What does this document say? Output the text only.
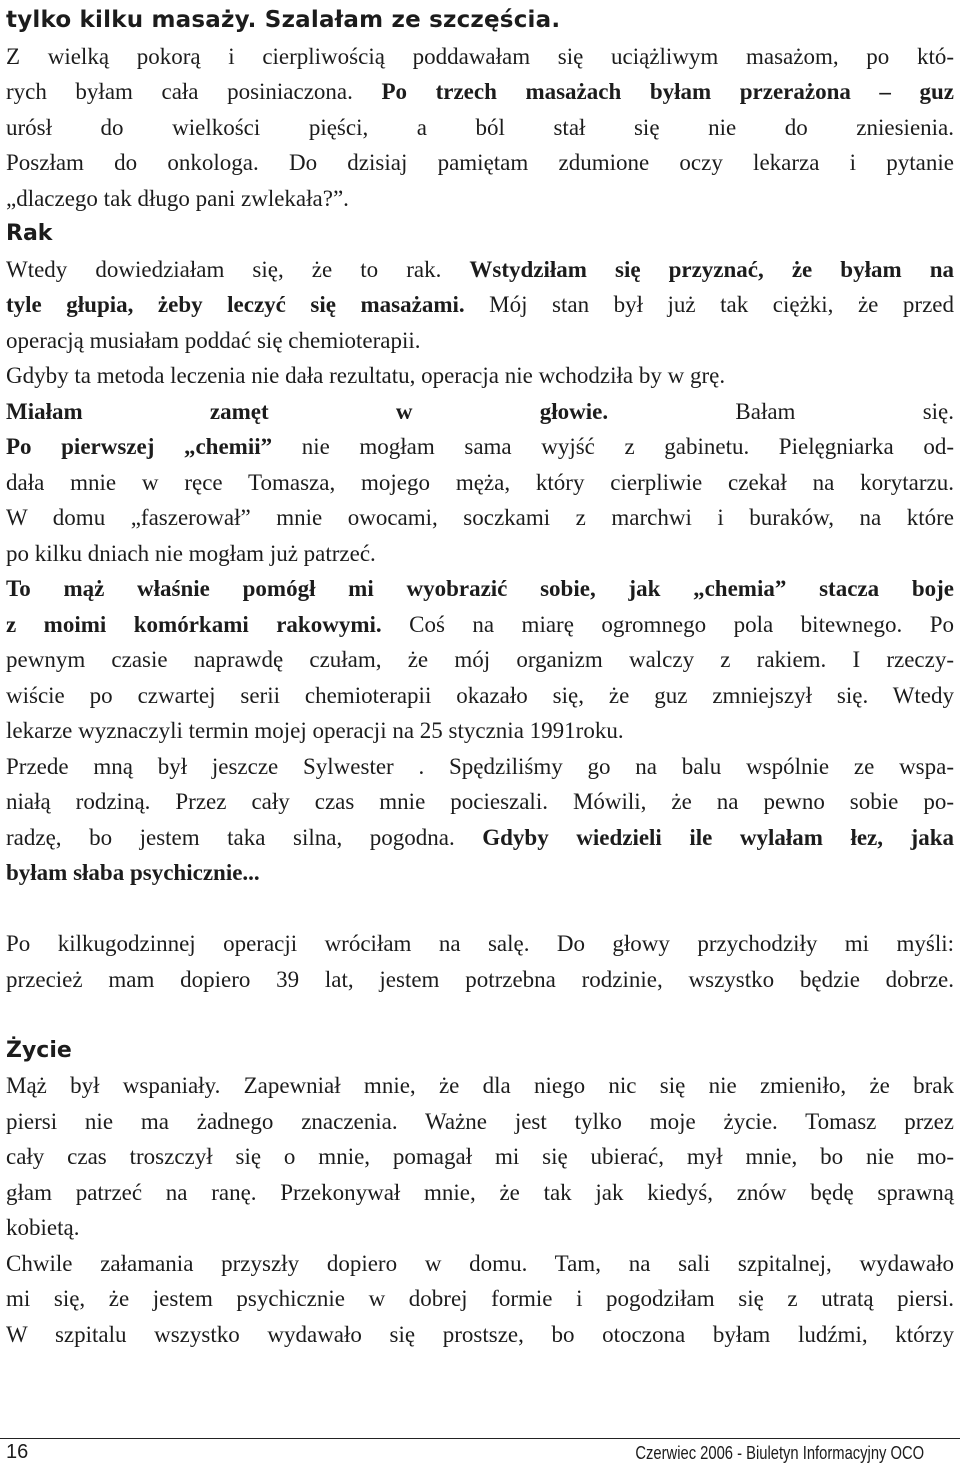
tylko kilku masaży. Szalałam ze szczęścia.
Z wielką pokorą i cierpliwością poddawałam się uciążliwym masażom, po któ-
rych byłam cała posiniaczona. Po trzech masażach byłam przerażona – guz
urósł do wielkości pięści, a ból stał się nie do zniesienia.
Poszłam do onkologa. Do dzisiaj pamiętam zdumione oczy lekarza i pytanie
„dlaczego tak długo pani zwlekała?”.
Rak
Wtedy dowiedziałam się, że to rak. Wstydziłam się przyznać, że byłam na
tyle głupia, żeby leczyć się masażami. Mój stan był już tak ciężki, że przed
operacją musiałam poddać się chemioterapii.
Gdyby ta metoda leczenia nie dała rezultatu, operacja nie wchodziła by w grę.
Miałam zamęt w głowie. Bałam się.
Po pierwszej „chemii” nie mogłam sama wyjść z gabinetu. Pielęgniarka od-
dała mnie w ręce Tomasza, mojego męża, który cierpliwie czekał na korytarzu.
W domu „faszerował” mnie owocami, soczkami z marchwi i buraków, na które
po kilku dniach nie mogłam już patrzeć.
To mąż właśnie pomógł mi wyobrazić sobie, jak „chemia” stacza boje
z moimi komórkami rakowymi. Coś na miarę ogromnego pola bitewnego. Po
pewnym czasie naprawdę czułam, że mój organizm walczy z rakiem. I rzeczy-
wiście po czwartej serii chemioterapii okazało się, że guz zmniejszył się. Wtedy
lekarze wyznaczyli termin mojej operacji na 25 stycznia 1991roku.
Przede mną był jeszcze Sylwester . Spędziliśmy go na balu wspólnie ze wspa-
niałą rodziną. Przez cały czas mnie pocieszali. Mówili, że na pewno sobie po-
radzę, bo jestem taka silna, pogodna. Gdyby wiedzieli ile wylałam łez, jaka
byłam słaba psychicznie...
Po kilkugodzinnej operacji wróciłam na salę. Do głowy przychodziły mi myśli:
przecież mam dopiero 39 lat, jestem potrzebna rodzinie, wszystko będzie dobrze.
Życie
Mąż był wspaniały. Zapewniał mnie, że dla niego nic się nie zmieniło, że brak
piersi nie ma żadnego znaczenia. Ważne jest tylko moje życie. Tomasz przez
cały czas troszczył się o mnie, pomagał mi się ubierać, mył mnie, bo nie mo-
głam patrzeć na ranę. Przekonywał mnie, że tak jak kiedyś, znów będę sprawną
kobietą.
Chwile załamania przyszły dopiero w domu. Tam, na sali szpitalnej, wydawało
mi się, że jestem psychicznie w dobrej formie i pogodziłam się z utratą piersi.
W szpitalu wszystko wydawało się prostsze, bo otoczona byłam ludźmi, którzy
16	Czerwiec 2006 - Biuletyn Informacyjny OCO
